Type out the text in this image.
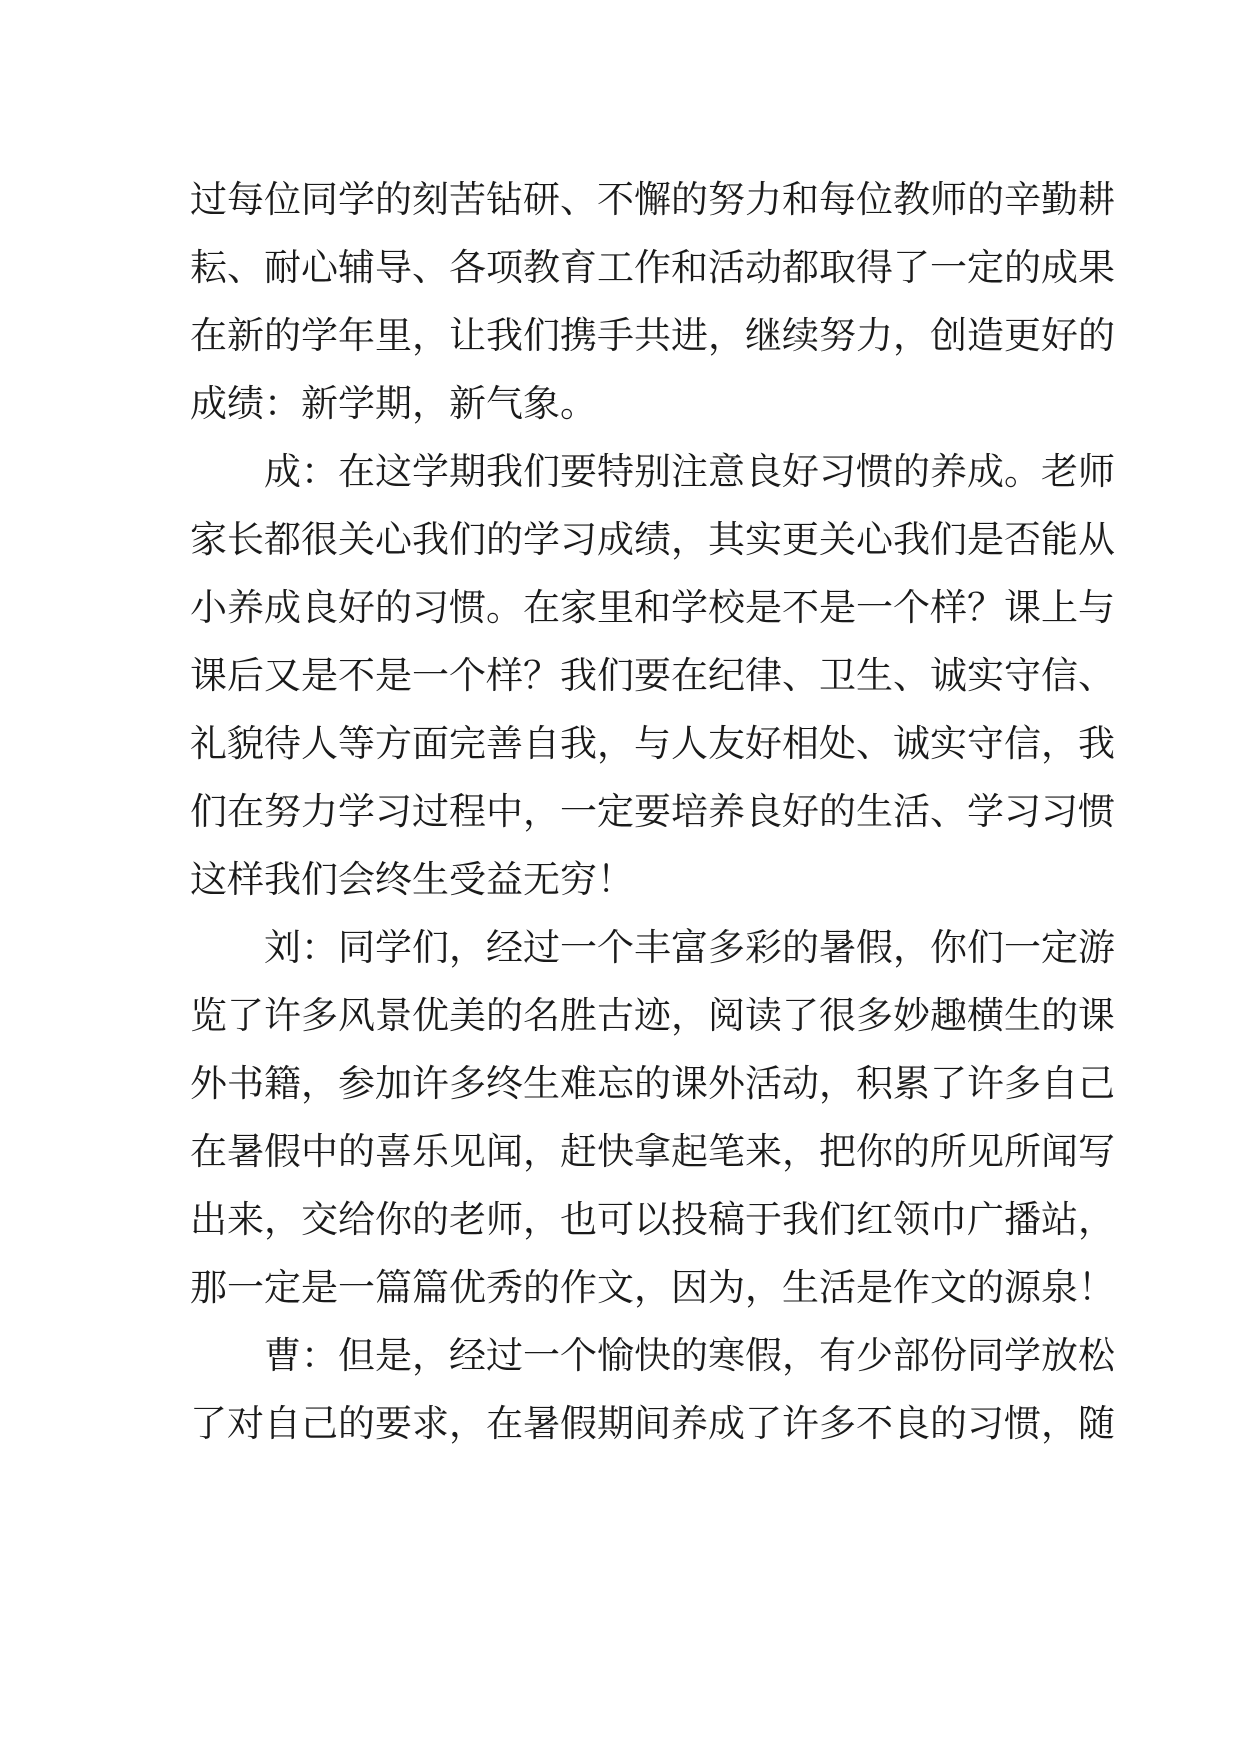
过每位同学的刻苦钻研、不懈的努力和每位教师的辛勤耕
耘、耐心辅导、各项教育工作和活动都取得了一定的成果
在新的学年里，让我们携手共进，继续努力，创造更好的
成绩：新学期，新气象。
成：在这学期我们要特别注意良好习惯的养成。老师
家长都很关心我们的学习成绩，其实更关心我们是否能从
小养成良好的习惯。在家里和学校是不是一个样？课上与
课后又是不是一个样？我们要在纪律、卫生、诚实守信、
礼貌待人等方面完善自我，与人友好相处、诚实守信，我
们在努力学习过程中，一定要培养良好的生活、学习习惯
这样我们会终生受益无穷！
刘：同学们，经过一个丰富多彩的暑假，你们一定游
览了许多风景优美的名胜古迹，阅读了很多妙趣横生的课
外书籍，参加许多终生难忘的课外活动，积累了许多自己
在暑假中的喜乐见闻，赶快拿起笔来，把你的所见所闻写
出来，交给你的老师，也可以投稿于我们红领巾广播站，
那一定是一篇篇优秀的作文，因为，生活是作文的源泉！
曹：但是，经过一个愉快的寒假，有少部份同学放松
了对自己的要求，在暑假期间养成了许多不良的习惯，随
